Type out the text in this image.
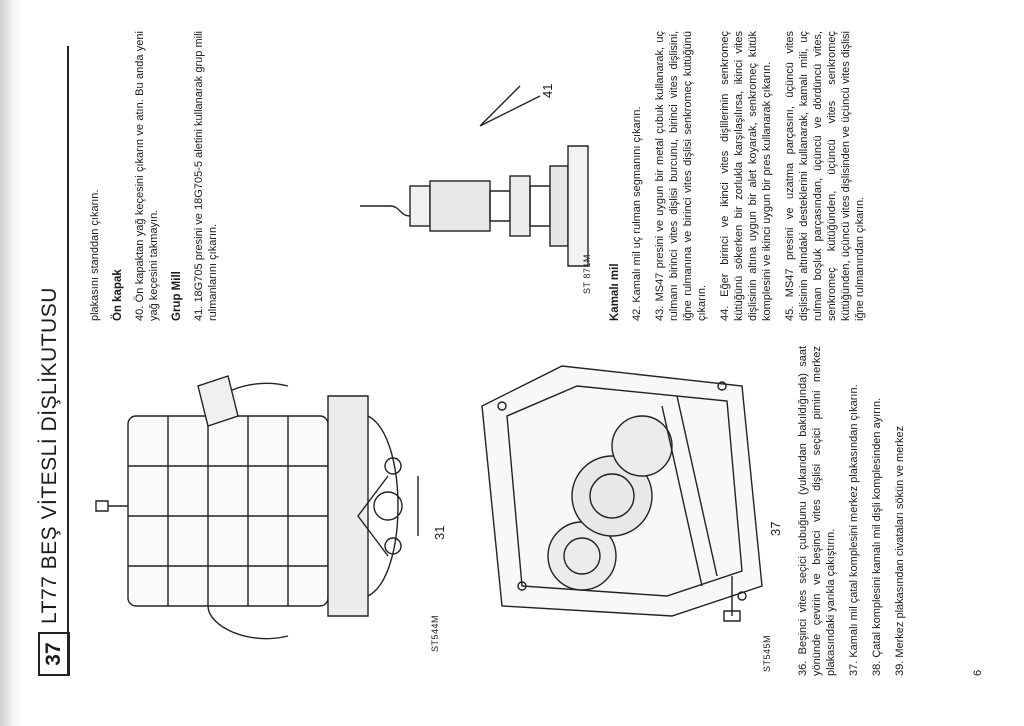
37
LT77 BEŞ VİTESLİ DİŞLİKUTUSU	31
ST544M
37
ST545M 36. Beşinci vites seçici çubuğunu (yukarıdan bakıldığında) saat yönünde çevirin ve beşinci vites dişlisi seçici pimini merkez plakasındaki yarıkla çakıştırın. 37. Kamalı mil çatal komplesini merkez plakasından çıkarın. 38. Çatal komplesini kamalı mil dişli komplesinden ayırın. 39. Merkez plakasından civataları sökün ve merkez

plakasını standdan çıkarın. Ön kapak 40. Ön kapaktan yağ keçesini çıkarın ve atın. Bu anda yeni yağ keçesini takmayın. Grup Mill 41. 18G705 presini ve 18G705-5 aletini kullanarak grup mili rulmanlarını çıkarın.

41
ST 871M Kamalı mil 42. Kamalı mil uç rulman segmanını çıkarın. 43. MS47 presini ve uygun bir metal çubuk kullanarak, uç rulmanı birinci vites dişlisi burcunu, birinci vites dişlisini, iğne rulmanına ve birinci vites dişlisi senkromeç kütüğünü çıkarın. 44. Eğer birinci ve ikinci vites dişlilerinin senkromeç kütüğünü sökerken bir zorlukla karşılaşılırsa, ikinci vites dişlisinin altına uygun bir alet koyarak, senkromeç kütük komplesini ve ikinci uygun bir pres kullanarak çıkarın. 45. MS47 presini ve uzatma parçasını, üçüncü vites dişlisinin altındaki desteklerini kullanarak, kamalı mili, uç rulman boşluk parçasından, üçüncü ve dördüncü vites, senkromeç kütüğünden, üçüncü vites senkromeç kütüğünden, üçüncü vites dişlisinden ve üçüncü vites dişlisi iğne rulmanından çıkarın.

6
